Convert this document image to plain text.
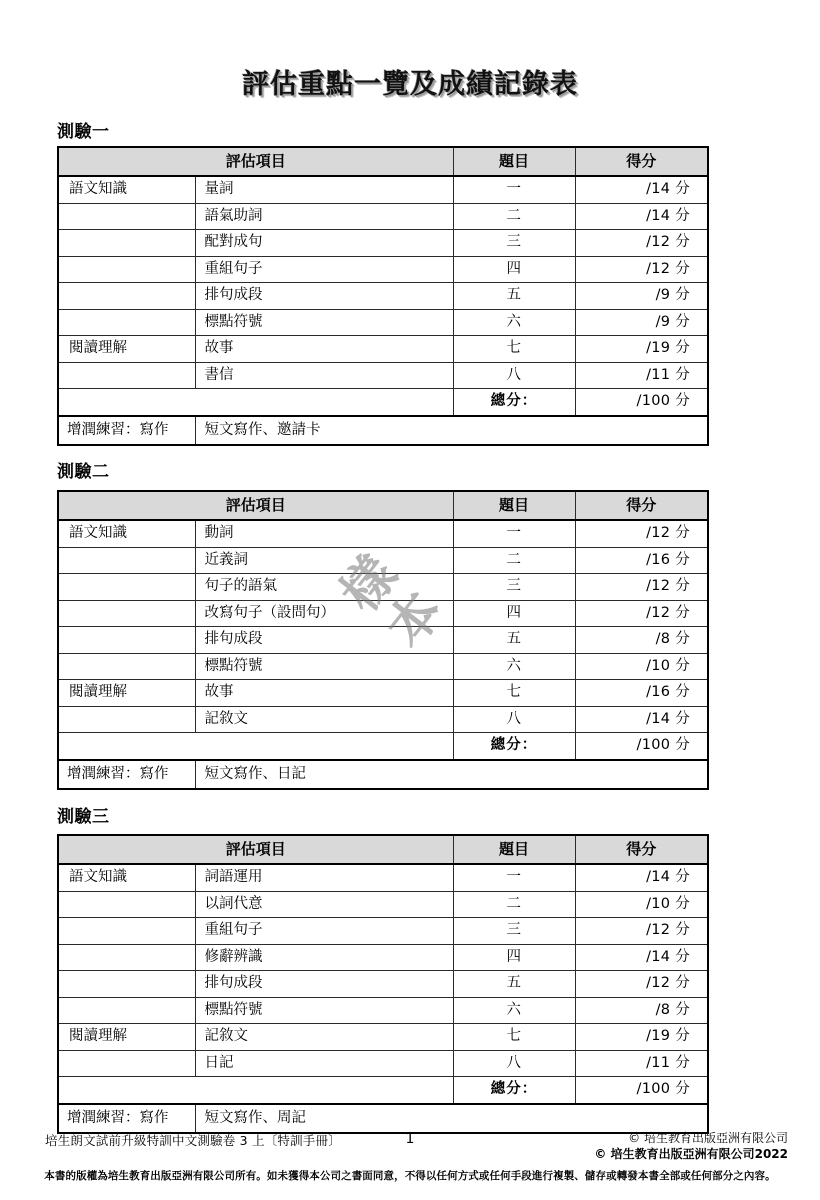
評估重點一覽及成績記錄表
測驗一
評估項目		題目	得分
語文知識	量詞	一	/14 分
	語氣助詞	二	/14 分
	配對成句	三	/12 分
	重組句子	四	/12 分
	排句成段	五	/9 分
	標點符號	六	/9 分
閱讀理解	故事	七	/19 分
	書信	八	/11 分
		總分：	/100 分
增潤練習：寫作	短文寫作、邀請卡		
測驗二
評估項目		題目	得分
語文知識	動詞	一	/12 分
	近義詞	二	/16 分
	句子的語氣	三	/12 分
	改寫句子（設問句）	四	/12 分
	排句成段	五	/8 分
	標點符號	六	/10 分
閱讀理解	故事	七	/16 分
	記敘文	八	/14 分
		總分：	/100 分
增潤練習：寫作	短文寫作、日記		
測驗三
評估項目		題目	得分
語文知識	詞語運用	一	/14 分
	以詞代意	二	/10 分
	重組句子	三	/12 分
	修辭辨識	四	/14 分
	排句成段	五	/12 分
	標點符號	六	/8 分
閱讀理解	記敘文	七	/19 分
	日記	八	/11 分
		總分：	/100 分
增潤練習：寫作	短文寫作、周記		
樣本
培生朗文試前升級特訓中文測驗卷 3 上〔特訓手冊〕	1	© 培生教育出版亞洲有限公司
© 培生教育出版亞洲有限公司2022
本書的版權為培生教育出版亞洲有限公司所有。如未獲得本公司之書面同意，不得以任何方式或任何手段進行複製、儲存或轉發本書全部或任何部分之內容。
